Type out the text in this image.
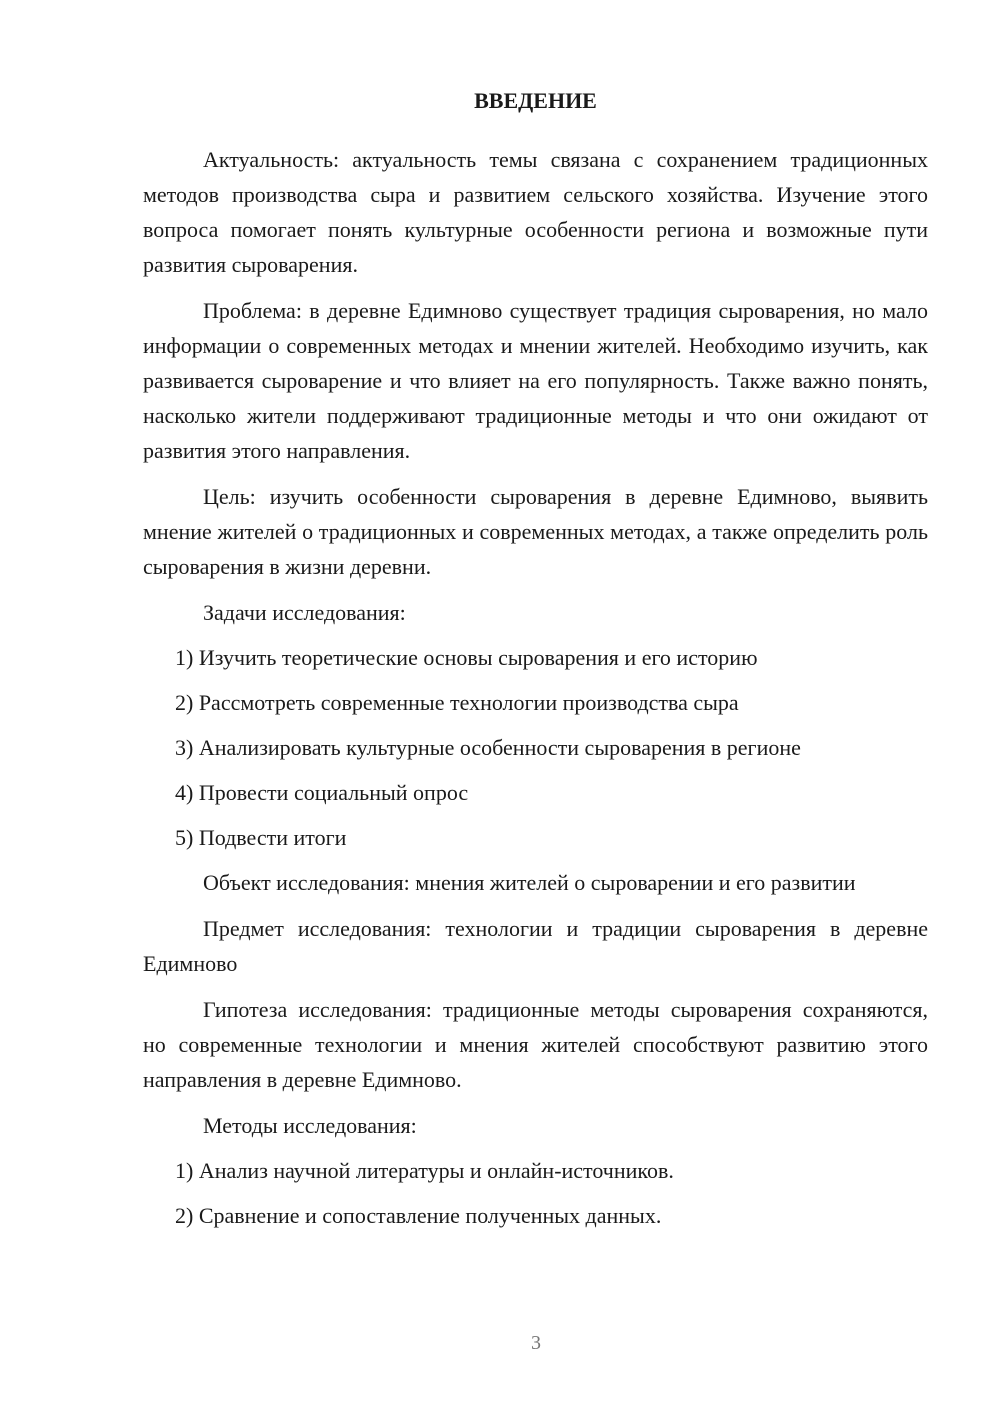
ВВЕДЕНИЕ

Актуальность: актуальность темы связана с сохранением традиционных методов производства сыра и развитием сельского хозяйства. Изучение этого вопроса помогает понять культурные особенности региона и возможные пути развития сыроварения.

Проблема: в деревне Едимново существует традиция сыроварения, но мало информации о современных методах и мнении жителей. Необходимо изучить, как развивается сыроварение и что влияет на его популярность. Также важно понять, насколько жители поддерживают традиционные методы и что они ожидают от развития этого направления.

Цель: изучить особенности сыроварения в деревне Едимново, выявить мнение жителей о традиционных и современных методах, а также определить роль сыроварения в жизни деревни.

Задачи исследования:

1) Изучить теоретические основы сыроварения и его историю

2) Рассмотреть современные технологии производства сыра

3) Анализировать культурные особенности сыроварения в регионе

4) Провести социальный опрос

5) Подвести итоги

Объект исследования: мнения жителей о сыроварении и его развитии

Предмет исследования: технологии и традиции сыроварения в деревне Едимново

Гипотеза исследования: традиционные методы сыроварения сохраняются, но современные технологии и мнения жителей способствуют развитию этого направления в деревне Едимново.

Методы исследования:

1) Анализ научной литературы и онлайн-источников.

2) Сравнение и сопоставление полученных данных.

3
